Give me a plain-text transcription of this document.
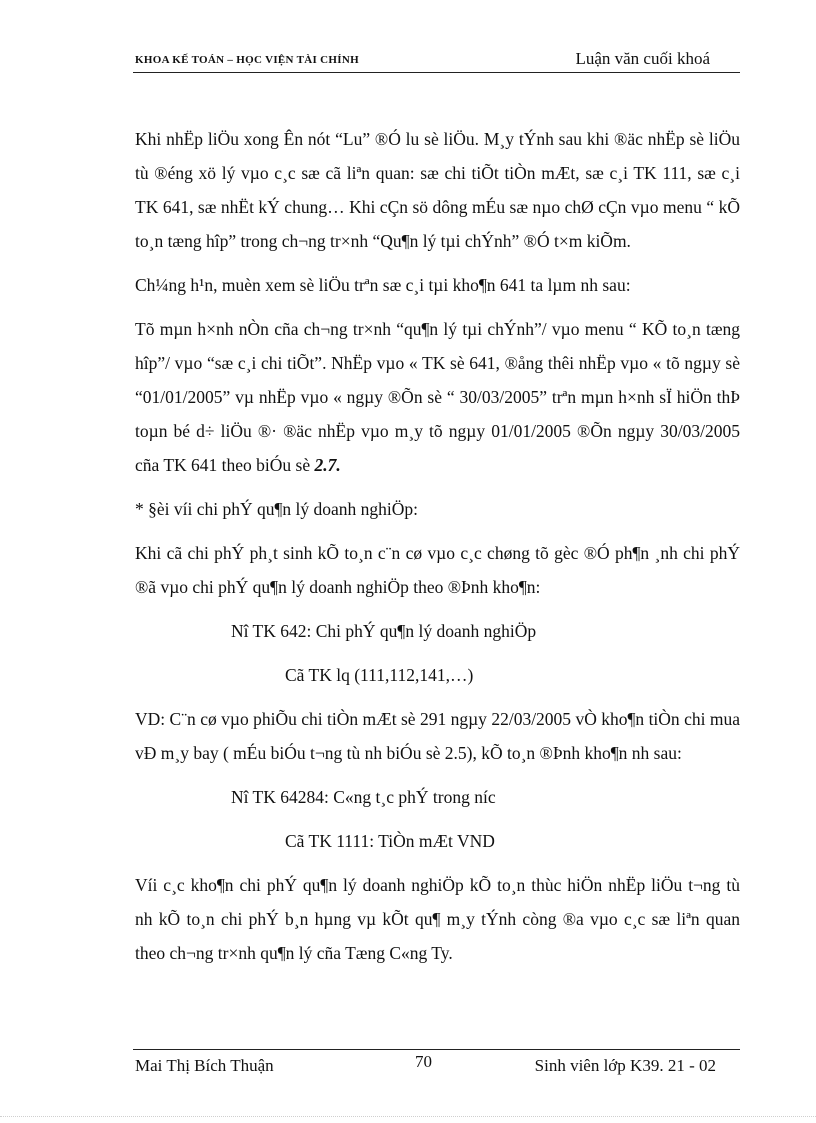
KHOA KẾ TOÁN – HỌC VIỆN TÀI CHÍNH	Luận văn cuối khoá

Khi nhËp liÖu xong Ên nót “Lu” ®Ó lu sè liÖu. M¸y tÝnh sau khi ®äc nhËp sè liÖu tù ®éng xö lý vµo c¸c sæ cã liªn quan: sæ chi tiÕt tiÒn mÆt, sæ c¸i TK 111, sæ c¸i TK 641, sæ nhËt kÝ chung… Khi cÇn sö dông mÉu sæ nµo chØ cÇn vµo menu “ kÕ to¸n tæng hîp” trong ch¬ng tr×nh “Qu¶n lý tµi chÝnh” ®Ó t×m kiÕm.

Ch¼ng h¹n, muèn xem sè liÖu trªn sæ c¸i tµi kho¶n 641 ta lµm nh sau:

Tõ mµn h×nh nÒn cña ch¬ng tr×nh “qu¶n lý tµi chÝnh”/ vµo menu “ KÕ to¸n tæng hîp”/ vµo “sæ c¸i chi tiÕt”. NhËp vµo « TK sè 641, ®ång thêi nhËp vµo « tõ ngµy sè “01/01/2005” vµ nhËp vµo « ngµy ®Õn sè “ 30/03/2005” trªn mµn h×nh sÏ hiÖn thÞ toµn bé d÷ liÖu ®· ®äc nhËp vµo m¸y tõ ngµy 01/01/2005 ®Õn ngµy 30/03/2005 cña TK 641 theo biÓu sè 2.7.

* §èi víi chi phÝ qu¶n lý doanh nghiÖp:

Khi cã chi phÝ ph¸t sinh kÕ to¸n c¨n cø vµo c¸c chøng tõ gèc ®Ó ph¶n ¸nh chi phÝ ®ã vµo chi phÝ qu¶n lý doanh nghiÖp theo ®Þnh kho¶n:

Nî TK 642: Chi phÝ qu¶n lý doanh nghiÖp

Cã TK lq (111,112,141,…)

VD: C¨n cø vµo phiÕu chi tiÒn mÆt sè 291 ngµy 22/03/2005 vÒ kho¶n tiÒn chi mua vÐ m¸y bay ( mÉu biÓu t¬ng tù nh biÓu sè 2.5), kÕ to¸n ®Þnh kho¶n nh sau:

Nî TK 64284: C«ng t¸c phÝ trong níc

Cã TK 1111: TiÒn mÆt VND

Víi c¸c kho¶n chi phÝ qu¶n lý doanh nghiÖp kÕ to¸n thùc hiÖn nhËp liÖu t¬ng tù nh kÕ to¸n chi phÝ b¸n hµng vµ kÕt qu¶ m¸y tÝnh còng ®a vµo c¸c sæ liªn quan theo ch¬ng tr×nh qu¶n lý cña Tæng C«ng Ty.

Mai Thị Bích Thuận	70	Sinh viên lớp K39. 21 - 02
